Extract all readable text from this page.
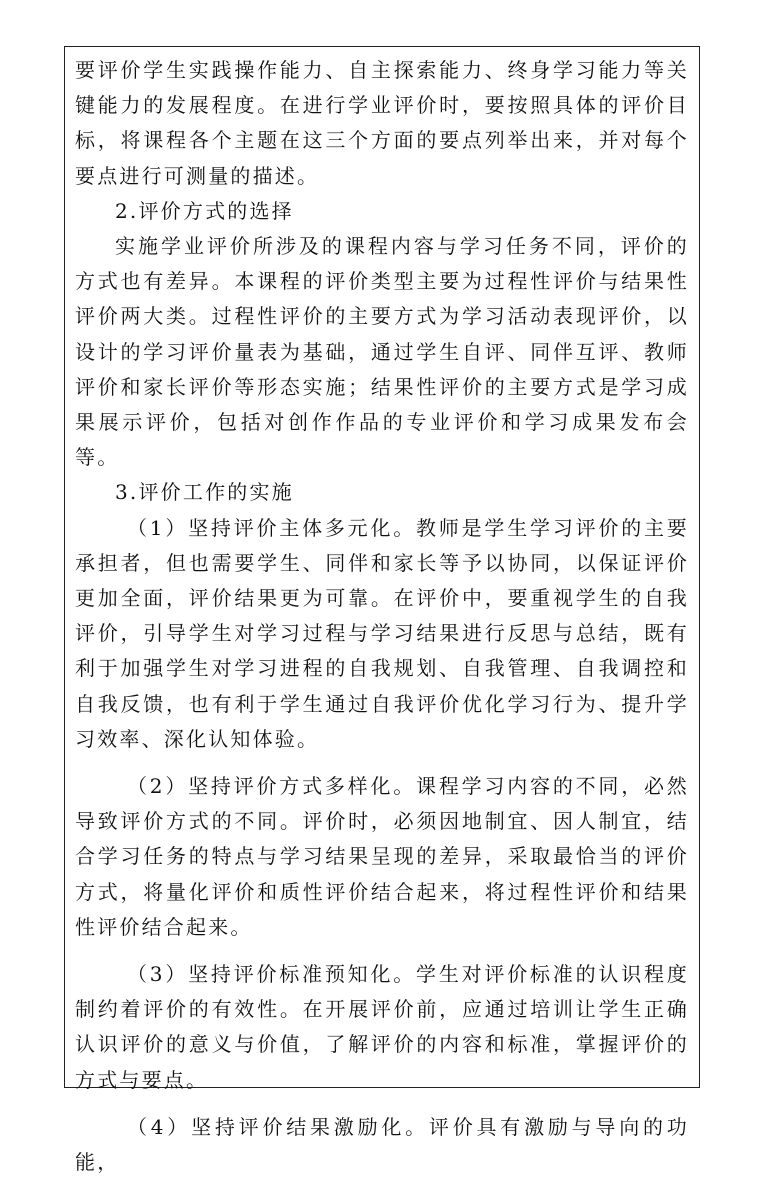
要评价学生实践操作能力、自主探索能力、终身学习能力等关键能力的发展程度。在进行学业评价时，要按照具体的评价目标，将课程各个主题在这三个方面的要点列举出来，并对每个要点进行可测量的描述。

2.评价方式的选择

实施学业评价所涉及的课程内容与学习任务不同，评价的方式也有差异。本课程的评价类型主要为过程性评价与结果性评价两大类。过程性评价的主要方式为学习活动表现评价，以设计的学习评价量表为基础，通过学生自评、同伴互评、教师评价和家长评价等形态实施；结果性评价的主要方式是学习成果展示评价，包括对创作作品的专业评价和学习成果发布会等。

3.评价工作的实施

（1）坚持评价主体多元化。教师是学生学习评价的主要承担者，但也需要学生、同伴和家长等予以协同，以保证评价更加全面，评价结果更为可靠。在评价中，要重视学生的自我评价，引导学生对学习过程与学习结果进行反思与总结，既有利于加强学生对学习进程的自我规划、自我管理、自我调控和自我反馈，也有利于学生通过自我评价优化学习行为、提升学习效率、深化认知体验。

（2）坚持评价方式多样化。课程学习内容的不同，必然导致评价方式的不同。评价时，必须因地制宜、因人制宜，结合学习任务的特点与学习结果呈现的差异，采取最恰当的评价方式，将量化评价和质性评价结合起来，将过程性评价和结果性评价结合起来。

（3）坚持评价标准预知化。学生对评价标准的认识程度制约着评价的有效性。在开展评价前，应通过培训让学生正确认识评价的意义与价值，了解评价的内容和标准，掌握评价的方式与要点。

（4）坚持评价结果激励化。评价具有激励与导向的功能，
